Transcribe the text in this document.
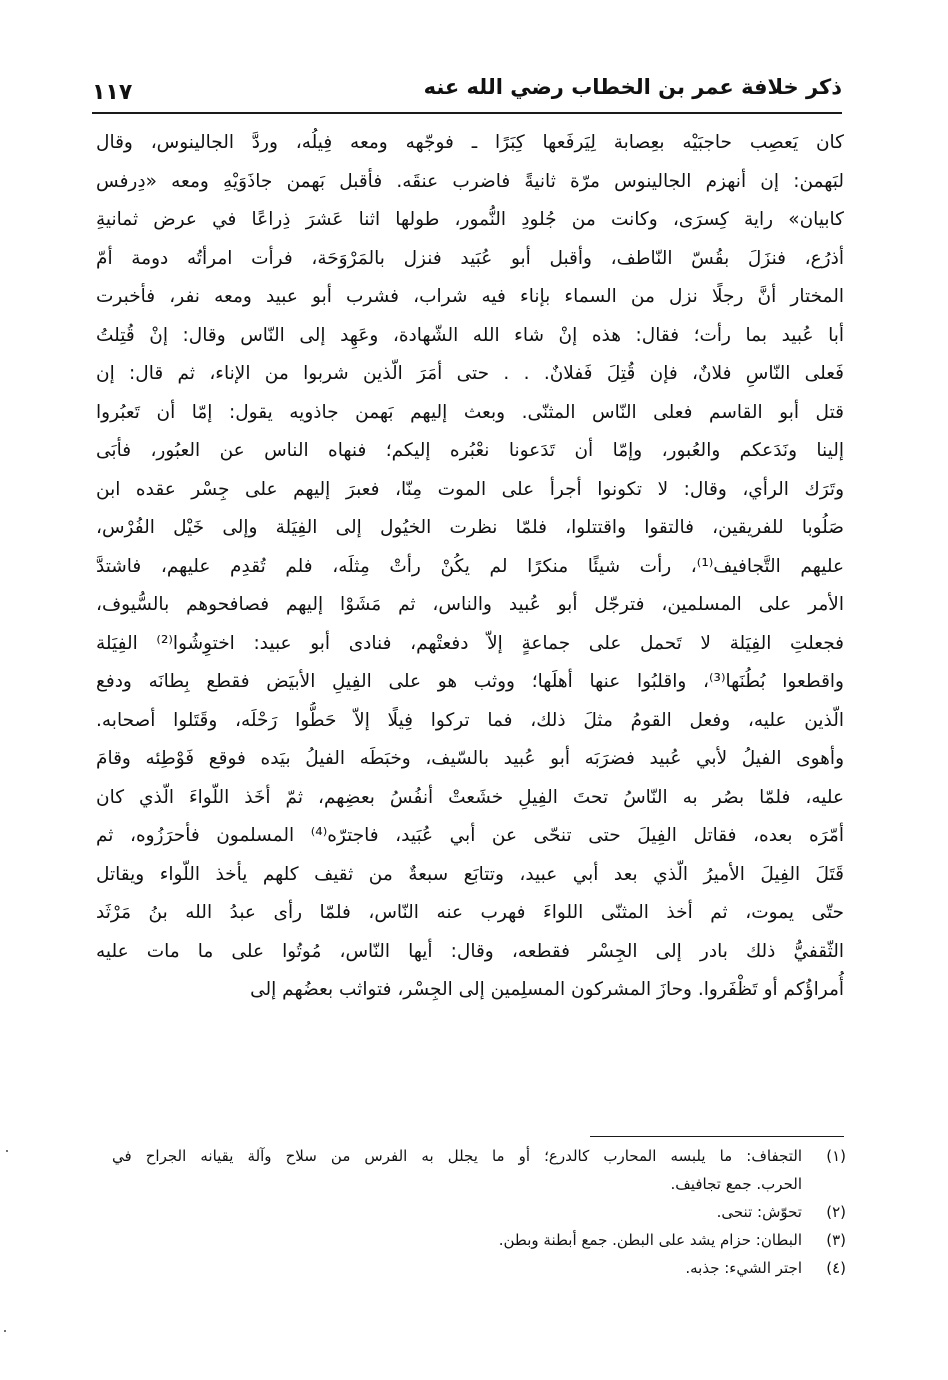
ذكر خلافة عمر بن الخطاب رضي الله عنه
١١٧
كان يَعصِب حاجبَيْه بعِصابة لِيَرفَعها كِبَرًا ـ فوجّهه ومعه فِيلُه، وردَّ الجالينوس، وقال
لبَهمن: إن أنهزم الجالينوس مرّة ثانيةً فاضرب عنقَه. فأقبل بَهمن جاذَوَيْهِ ومعه «دِرفس
كابيان» راية كِسرَى، وكانت من جُلودِ النُّمور، طولها اثنا عَشرَ ذِراعًا في عرض ثمانيةِ
أذرُع، فنزَلَ بقُسّ النّاطف، وأقبل أبو عُبَيد فنزل بالمَرْوَحَة، فرأت امرأتُه دومة أمّ
المختار أنَّ رجلًا نزل من السماء بإناء فيه شراب، فشرب أبو عبيد ومعه نفر، فأخبرت
أبا عُبيد بما رأت؛ فقال: هذه إنْ شاء الله الشّهادة، وعَهِد إلى النّاس وقال: إنْ قُتِلتُ
فَعلى النّاسِ فلانٌ، فإن قُتِلَ فَفلانٌ. . . حتى أمَرَ الّذين شربوا من الإناء، ثم قال: إن
قتل أبو القاسم فعلى النّاس المثنّى. وبعث إليهم بَهمن جاذويه يقول: إمّا أن تَعبُروا
إلينا ونَدَعكم والعُبور، وإمّا أن تَدَعونا نعْبُره إليكم؛ فنهاه الناس عن العبُور، فأبَى
وتَرَك الرأي، وقال: لا تكونوا أجرأ على الموت مِنّا، فعبرَ إليهم على جِسْر عقده ابن
صَلُوبا للفريقين، فالتقوا واقتتلوا، فلمّا نظرت الخيُول إلى الفِيَلة وإلى خَيْل الفُرْس،
عليهم التَّجافيف⁽¹⁾، رأت شيئًا منكرًا لم يكُنْ رأتْ مِثلَه، فلم تُقدِم عليهم، فاشتدَّ
الأمر على المسلمين، فترجّل أبو عُبيد والناس، ثم مَشَوْا إليهم فصافحوهم بالسُّيوف،
فجعلتِ الفِيَلة لا تَحمل على جماعةٍ إلاّ دفعتْهم، فنادى أبو عبيد: اختوِشُوا⁽²⁾ الفِيَلة
واقطعوا بُطُنَها⁽³⁾، واقلبُوا عنها أهلَها؛ ووثب هو على الفِيلِ الأبيَض فقطع بِطانَه ودفع
الّذين عليه، وفعل القومُ مثلَ ذلك، فما تركوا فِيلًا إلاّ حَطُّوا رَحْلَه، وقَتَلوا أصحابه.
وأهوى الفيلُ لأبي عُبيد فضرَبَه أبو عُبيد بالسّيف، وخبَطَه الفيلُ بيَده فوقع فَوْطِئه وقامَ
عليه، فلمّا بصُر به النّاسُ تحتَ الفِيلِ خشَعتْ أنفُسُ بعضِهم، ثمّ أخَذ اللّواءَ الّذي كان
أمّرَه بعده، فقاتل الفِيلَ حتى تنحّى عن أبي عُبَيد، فاجترّه⁽⁴⁾ المسلمون فأحرَزُوه، ثم
قَتَلَ الفِيلَ الأميرُ الّذي بعد أبي عبيد، وتتابَع سبعةٌ من ثقيف كلهم يأخذ اللّواء ويقاتل
حتّى يموت، ثم أخذ المثنّى اللواءَ فهرب عنه النّاس، فلمّا رأى عبدُ الله بنُ مَرْثَد
الثّقفيُّ ذلك بادر إلى الجِسْر فقطعه، وقال: أيها النّاس، مُوتُوا على ما مات عليه
أُمراؤُكم أو تَظْفَروا. وحازَ المشركون المسلِمين إلى الجِسْر، فتواثب بعضُهم إلى
(١)
التجفاف: ما يلبسه المحارب كالدرع؛ أو ما يجلل به الفرس من سلاح وآلة يقيانه الجراح في
الحرب. جمع تجافيف.
(٢)
تحوّش: تنحى.
(٣)
البطان: حزام يشد على البطن. جمع أبطنة وبطن.
(٤)
اجتر الشيء: جذبه.
